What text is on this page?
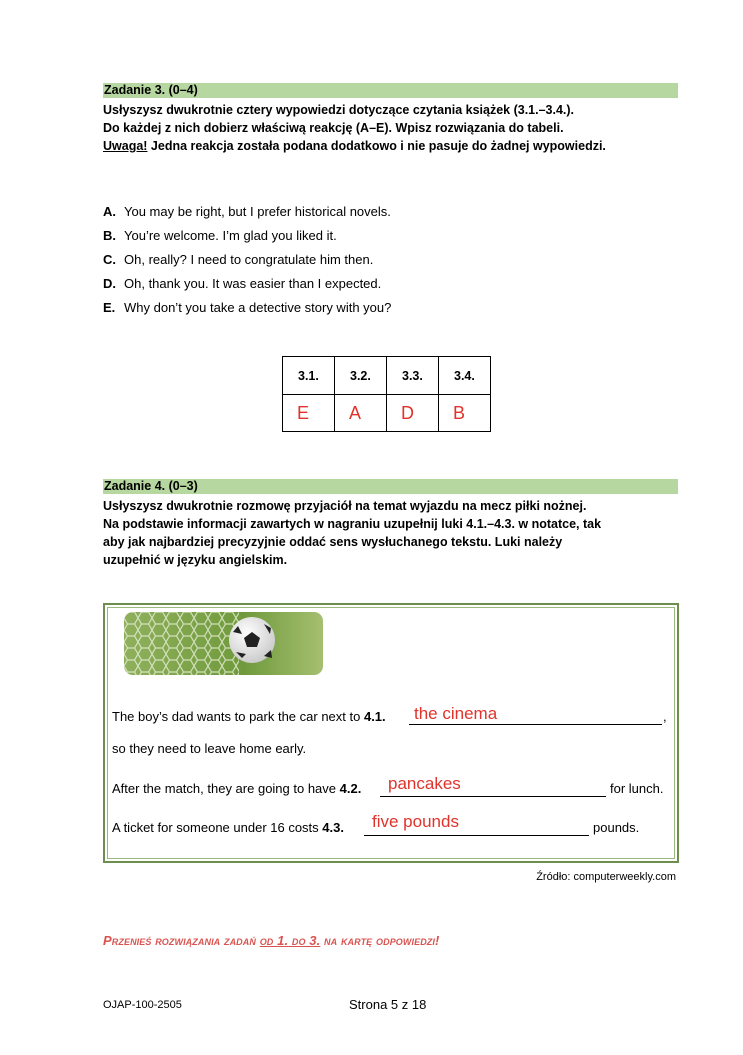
Zadanie 3. (0–4)
Usłyszysz dwukrotnie cztery wypowiedzi dotyczące czytania książek (3.1.–3.4.).
Do każdej z nich dobierz właściwą reakcję (A–E). Wpisz rozwiązania do tabeli.
Uwaga! Jedna reakcja została podana dodatkowo i nie pasuje do żadnej wypowiedzi.
A. You may be right, but I prefer historical novels.
B. You’re welcome. I’m glad you liked it.
C. Oh, really? I need to congratulate him then.
D. Oh, thank you. It was easier than I expected.
E. Why don’t you take a detective story with you?
3.1.	3.2.	3.3.	3.4.
E	A	D	B
Zadanie 4. (0–3)
Usłyszysz dwukrotnie rozmowę przyjaciół na temat wyjazdu na mecz piłki nożnej.
Na podstawie informacji zawartych w nagraniu uzupełnij luki 4.1.–4.3. w notatce, tak
aby jak najbardziej precyzyjnie oddać sens wysłuchanego tekstu. Luki należy
uzupełnić w języku angielskim.
The boy’s dad wants to park the car next to 4.1. the cinema	,
so they need to leave home early.
After the match, they are going to have 4.2. pancakes	for lunch.
A ticket for someone under 16 costs 4.3. five pounds	pounds.
Źródło: computerweekly.com
Przenieś rozwiązania zadań od 1. do 3. na kartę odpowiedzi!
OJAP-100-2505	Strona 5 z 18
